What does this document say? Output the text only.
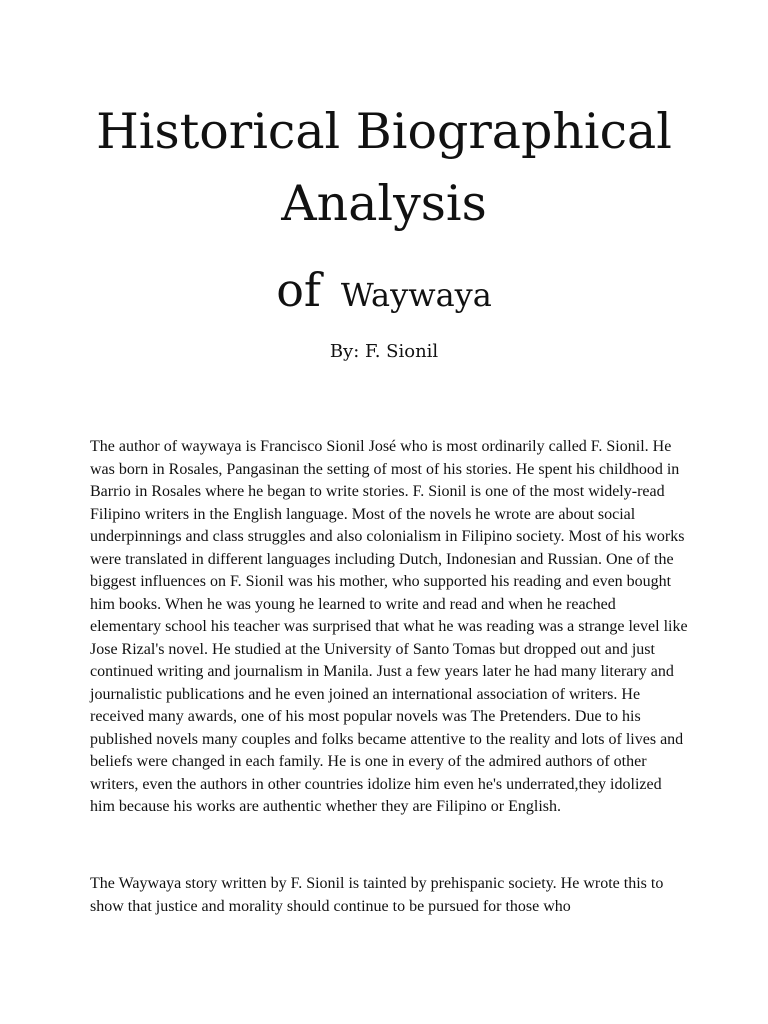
Historical Biographical
Analysis
of Waywaya
By: F. Sionil

The author of waywaya is Francisco Sionil José who is most ordinarily called F. Sionil. He was born in Rosales, Pangasinan the setting of most of his stories. He spent his childhood in Barrio in Rosales where he began to write stories. F. Sionil is one of the most widely-read Filipino writers in the English language. Most of the novels he wrote are about social underpinnings and class struggles and also colonialism in Filipino society. Most of his works were translated in different languages including Dutch, Indonesian and Russian. One of the biggest influences on F. Sionil was his mother, who supported his reading and even bought him books. When he was young he learned to write and read and when he reached elementary school his teacher was surprised that what he was reading was a strange level like Jose Rizal's novel. He studied at the University of Santo Tomas but dropped out and just continued writing and journalism in Manila. Just a few years later he had many literary and journalistic publications and he even joined an international association of writers. He received many awards, one of his most popular novels was The Pretenders. Due to his published novels many couples and folks became attentive to the reality and lots of lives and beliefs were changed in each family. He is one in every of the admired authors of other writers, even the authors in other countries idolize him even he's underrated,they idolized him because his works are authentic whether they are Filipino or English.

The Waywaya story written by F. Sionil is tainted by prehispanic society. He wrote this to show that justice and morality should continue to be pursued for those who
